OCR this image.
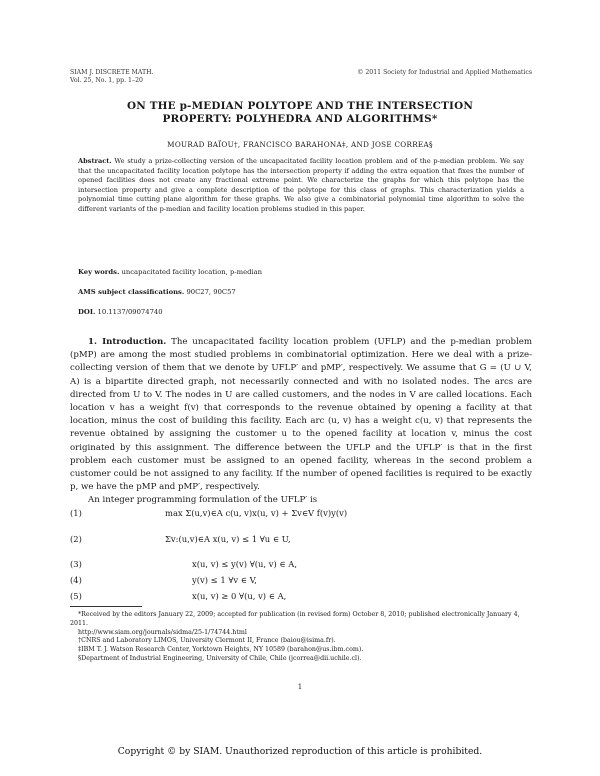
SIAM J. DISCRETE MATH.
Vol. 25, No. 1, pp. 1–20
© 2011 Society for Industrial and Applied Mathematics
ON THE p-MEDIAN POLYTOPE AND THE INTERSECTION
PROPERTY: POLYHEDRA AND ALGORITHMS*
MOURAD BAÏOU†, FRANCISCO BARAHONA‡, AND JOSE CORREA§
Abstract. We study a prize-collecting version of the uncapacitated facility location problem and of the p-median problem. We say that the uncapacitated facility location polytope has the intersection property if adding the extra equation that fixes the number of opened facilities does not create any fractional extreme point. We characterize the graphs for which this polytope has the intersection property and give a complete description of the polytope for this class of graphs. This characterization yields a polynomial time cutting plane algorithm for these graphs. We also give a combinatorial polynomial time algorithm to solve the different variants of the p-median and facility location problems studied in this paper.
Key words. uncapacitated facility location, p-median
AMS subject classifications. 90C27, 90C57

1. Introduction. The uncapacitated facility location problem (UFLP) and the p-median problem (pMP) are among the most studied problems in combinatorial optimization. Here we deal with a prize-collecting version of them that we denote by UFLP′ and pMP′, respectively. We assume that G = (U ∪ V, A) is a bipartite directed graph, not necessarily connected and with no isolated nodes. The arcs are directed from U to V. The nodes in U are called customers, and the nodes in V are called locations. Each location v has a weight f(v) that corresponds to the revenue obtained by opening a facility at that location, minus the cost of building this facility. Each arc (u, v) has a weight c(u, v) that represents the revenue obtained by assigning the customer u to the opened facility at location v, minus the cost originated by this assignment. The difference between the UFLP and the UFLP′ is that in the first problem each customer must be assigned to an opened facility, whereas in the second problem a customer could be not assigned to any facility. If the number of opened facilities is required to be exactly p, we have the pMP and pMP′, respectively.

An integer programming formulation of the UFLP′ is

DOI. 10.1137/09074740
(1)	max Σ(u,v)∈A c(u, v)x(u, v) + Σv∈V f(v)y(v)
(2)	Σv:(u,v)∈A x(u, v) ≤ 1 ∀u ∈ U,
(3)	x(u, v) ≤ y(v) ∀(u, v) ∈ A,
(4)	y(v) ≤ 1 ∀v ∈ V,
(5)	x(u, v) ≥ 0 ∀(u, v) ∈ A,
*Received by the editors January 22, 2009; accepted for publication (in revised form) October 8, 2010; published electronically January 4, 2011.
http://www.siam.org/journals/sidma/25-1/74744.html
†CNRS and Laboratory LIMOS, University Clermont II, France (baiou@isima.fr).
‡IBM T. J. Watson Research Center, Yorktown Heights, NY 10589 (barahon@us.ibm.com).
§Department of Industrial Engineering, University of Chile, Chile (jcorrea@dii.uchile.cl).
1
Copyright © by SIAM. Unauthorized reproduction of this article is prohibited.
